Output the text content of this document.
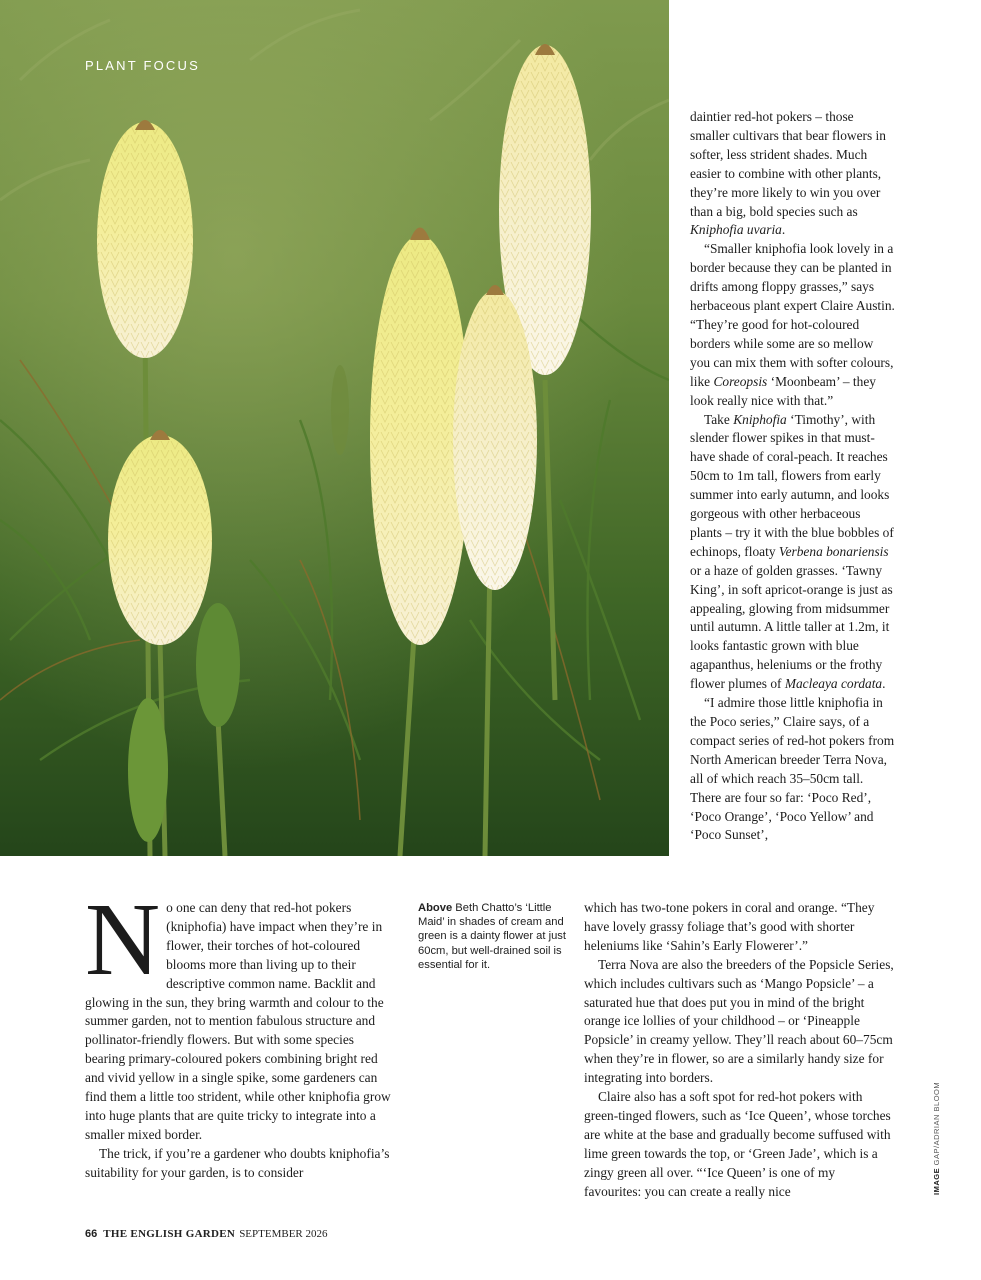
PLANT FOCUS

daintier red-hot pokers – those smaller cultivars that bear flowers in softer, less strident shades. Much easier to combine with other plants, they’re more likely to win you over than a big, bold species such as Kniphofia uvaria.

“Smaller kniphofia look lovely in a border because they can be planted in drifts among floppy grasses,” says herbaceous plant expert Claire Austin. “They’re good for hot-coloured borders while some are so mellow you can mix them with softer colours, like Coreopsis ‘Moonbeam’ – they look really nice with that.”

Take Kniphofia ‘Timothy’, with slender flower spikes in that must-have shade of coral-peach. It reaches 50cm to 1m tall, flowers from early summer into early autumn, and looks gorgeous with other herbaceous plants – try it with the blue bobbles of echinops, floaty Verbena bonariensis or a haze of golden grasses. ‘Tawny King’, in soft apricot-orange is just as appealing, glowing from midsummer until autumn. A little taller at 1.2m, it looks fantastic grown with blue agapanthus, heleniums or the frothy flower plumes of Macleaya cordata.

“I admire those little kniphofia in the Poco series,” Claire says, of a compact series of red-hot pokers from North American breeder Terra Nova, all of which reach 35–50cm tall. There are four so far: ‘Poco Red’, ‘Poco Orange’, ‘Poco Yellow’ and ‘Poco Sunset’,

No one can deny that red-hot pokers (kniphofia) have impact when they’re in flower, their torches of hot-coloured blooms more than living up to their descriptive common name. Backlit and glowing in the sun, they bring warmth and colour to the summer garden, not to mention fabulous structure and pollinator-friendly flowers. But with some species bearing primary-coloured pokers combining bright red and vivid yellow in a single spike, some gardeners can find them a little too strident, while other kniphofia grow into huge plants that are quite tricky to integrate into a smaller mixed border.

The trick, if you’re a gardener who doubts kniphofia’s suitability for your garden, is to consider

Above Beth Chatto’s ‘Little Maid’ in shades of cream and green is a dainty flower at just 60cm, but well-drained soil is essential for it.

which has two-tone pokers in coral and orange. “They have lovely grassy foliage that’s good with shorter heleniums like ‘Sahin’s Early Flowerer’.”

Terra Nova are also the breeders of the Popsicle Series, which includes cultivars such as ‘Mango Popsicle’ – a saturated hue that does put you in mind of the bright orange ice lollies of your childhood – or ‘Pineapple Popsicle’ in creamy yellow. They’ll reach about 60–75cm when they’re in flower, so are a similarly handy size for integrating into borders.

Claire also has a soft spot for red-hot pokers with green-tinged flowers, such as ‘Ice Queen’, whose torches are white at the base and gradually become suffused with lime green towards the top, or ‘Green Jade’, which is a zingy green all over. “‘Ice Queen’ is one of my favourites: you can create a really nice	IMAGE GAP/ADRIAN BLOOM
66 THE ENGLISH GARDEN SEPTEMBER 2026
